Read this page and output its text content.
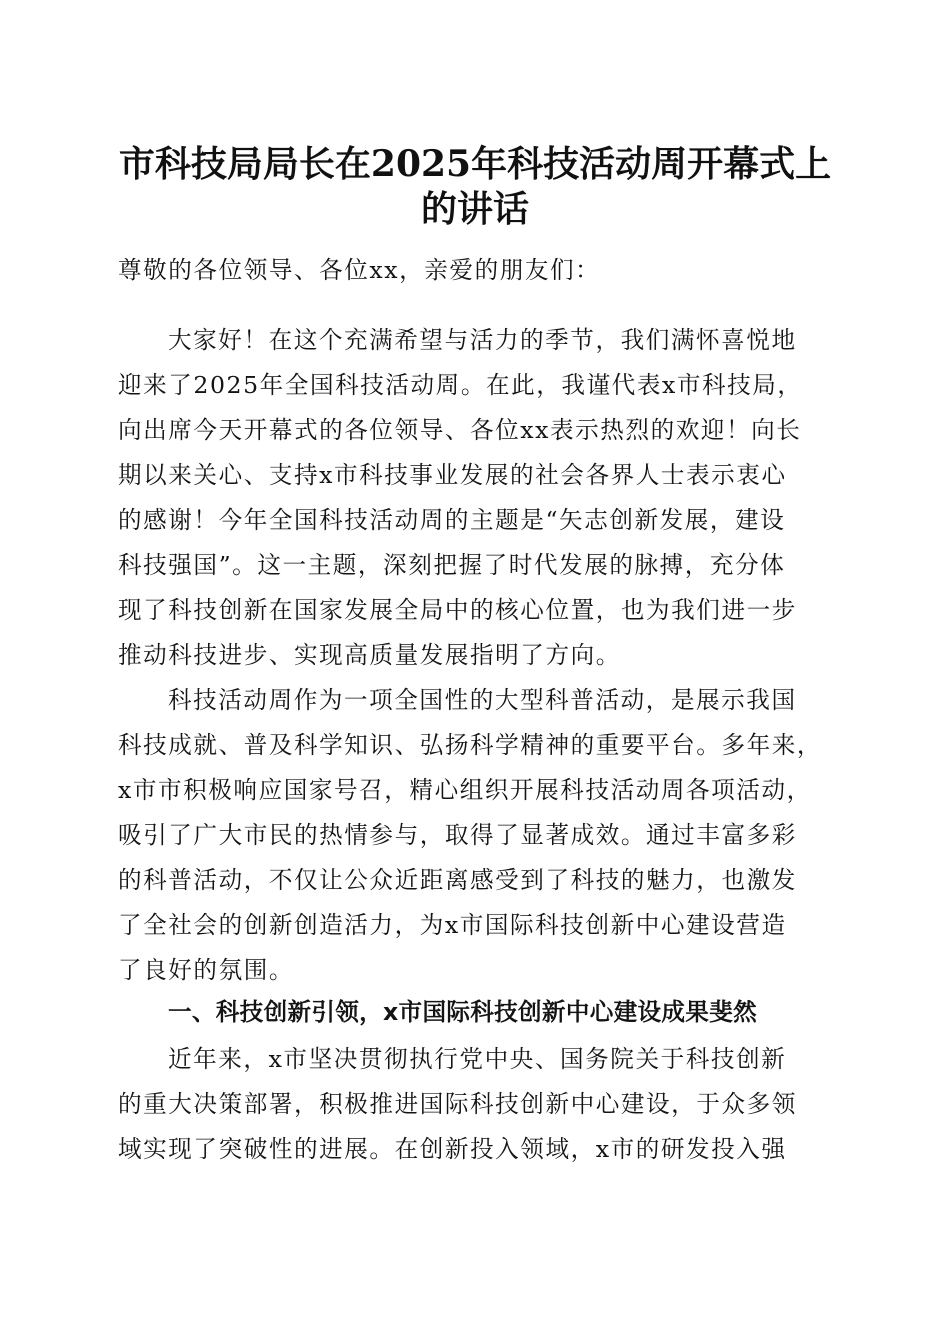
市科技局局长在2025年科技活动周开幕式上
的讲话
尊敬的各位领导、各位xx，亲爱的朋友们：
大家好！在这个充满希望与活力的季节，我们满怀喜悦地
迎来了2025年全国科技活动周。在此，我谨代表x市科技局，
向出席今天开幕式的各位领导、各位xx表示热烈的欢迎！向长
期以来关心、支持x市科技事业发展的社会各界人士表示衷心
的感谢！今年全国科技活动周的主题是“矢志创新发展，建设
科技强国”。这一主题，深刻把握了时代发展的脉搏，充分体
现了科技创新在国家发展全局中的核心位置，也为我们进一步
推动科技进步、实现高质量发展指明了方向。
科技活动周作为一项全国性的大型科普活动，是展示我国
科技成就、普及科学知识、弘扬科学精神的重要平台。多年来，
x市市积极响应国家号召，精心组织开展科技活动周各项活动，
吸引了广大市民的热情参与，取得了显著成效。通过丰富多彩
的科普活动，不仅让公众近距离感受到了科技的魅力，也激发
了全社会的创新创造活力，为x市国际科技创新中心建设营造
了良好的氛围。
一、科技创新引领，x市国际科技创新中心建设成果斐然
近年来，x市坚决贯彻执行党中央、国务院关于科技创新
的重大决策部署，积极推进国际科技创新中心建设，于众多领
域实现了突破性的进展。在创新投入领域，x市的研发投入强
